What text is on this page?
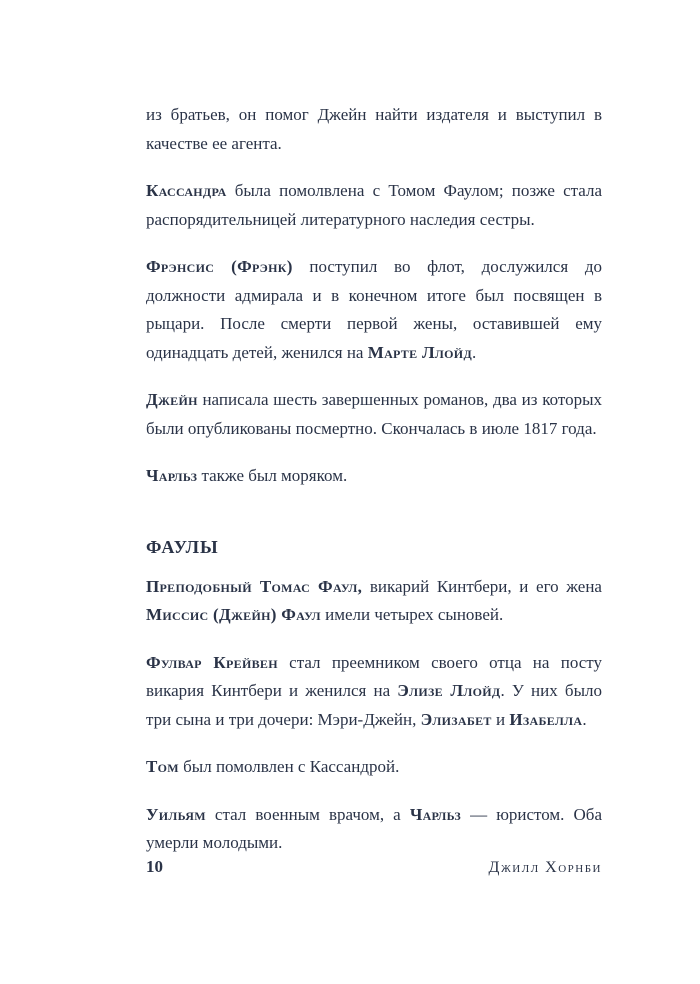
из братьев, он помог Джейн найти издателя и выступил в качестве ее агента.

Кассандра была помолвлена с Томом Фаулом; позже стала распорядительницей литературного наследия сестры.

Фрэнсис (Фрэнк) поступил во флот, дослужился до должности адмирала и в конечном итоге был посвящен в рыцари. После смерти первой жены, оставившей ему одинадцать детей, женился на Марте Ллойд.

Джейн написала шесть завершенных романов, два из которых были опубликованы посмертно. Скончалась в июле 1817 года.

Чарльз также был моряком.

ФАУЛЫ

Преподобный Томас Фаул, викарий Кинтбери, и его жена Миссис (Джейн) Фаул имели четырех сыновей.

Фулвар Крейвен стал преемником своего отца на посту викария Кинтбери и женился на Элизе Ллойд. У них было три сына и три дочери: Мэри-Джейн, Элизабет и Изабелла.

Том был помолвлен с Кассандрой.

Уильям стал военным врачом, а Чарльз — юристом. Оба умерли молодыми.

10	Джилл Хорнби
